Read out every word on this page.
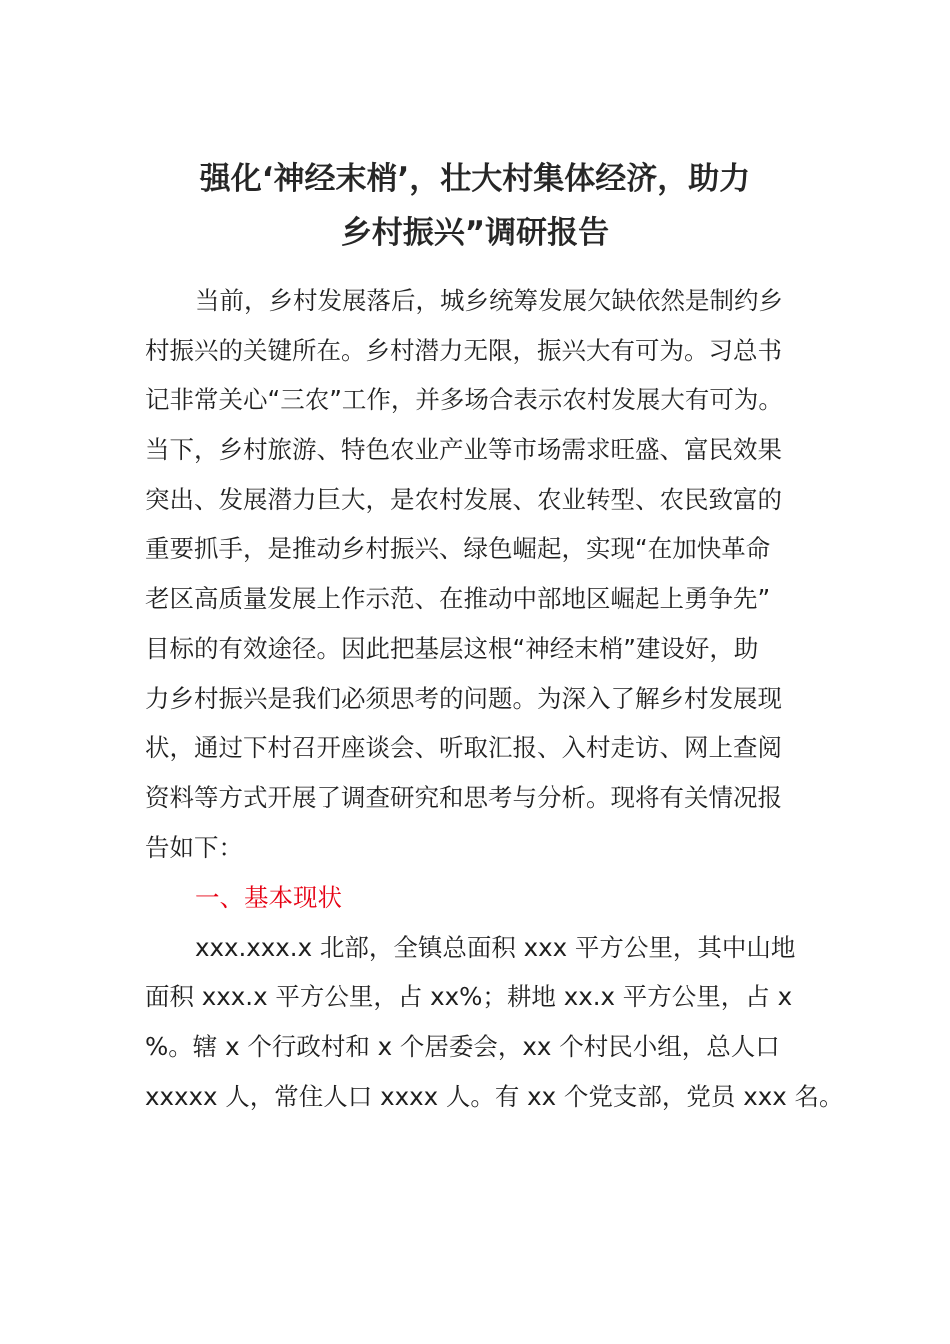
强化‘神经末梢’，壮大村集体经济，助力
乡村振兴”调研报告
当前，乡村发展落后，城乡统筹发展欠缺依然是制约乡
村振兴的关键所在。乡村潜力无限，振兴大有可为。习总书
记非常关心“三农”工作，并多场合表示农村发展大有可为。
当下，乡村旅游、特色农业产业等市场需求旺盛、富民效果
突出、发展潜力巨大，是农村发展、农业转型、农民致富的
重要抓手，是推动乡村振兴、绿色崛起，实现“在加快革命
老区高质量发展上作示范、在推动中部地区崛起上勇争先”
目标的有效途径。因此把基层这根“神经末梢”建设好，助
力乡村振兴是我们必须思考的问题。为深入了解乡村发展现
状，通过下村召开座谈会、听取汇报、入村走访、网上查阅
资料等方式开展了调查研究和思考与分析。现将有关情况报
告如下：
一、基本现状
xxx.xxx.x 北部，全镇总面积 xxx 平方公里，其中山地
面积 xxx.x 平方公里，占 xx%；耕地 xx.x 平方公里，占 x
%。辖 x 个行政村和 x 个居委会，xx 个村民小组，总人口
xxxxx 人，常住人口 xxxx 人。有 xx 个党支部，党员 xxx 名。
